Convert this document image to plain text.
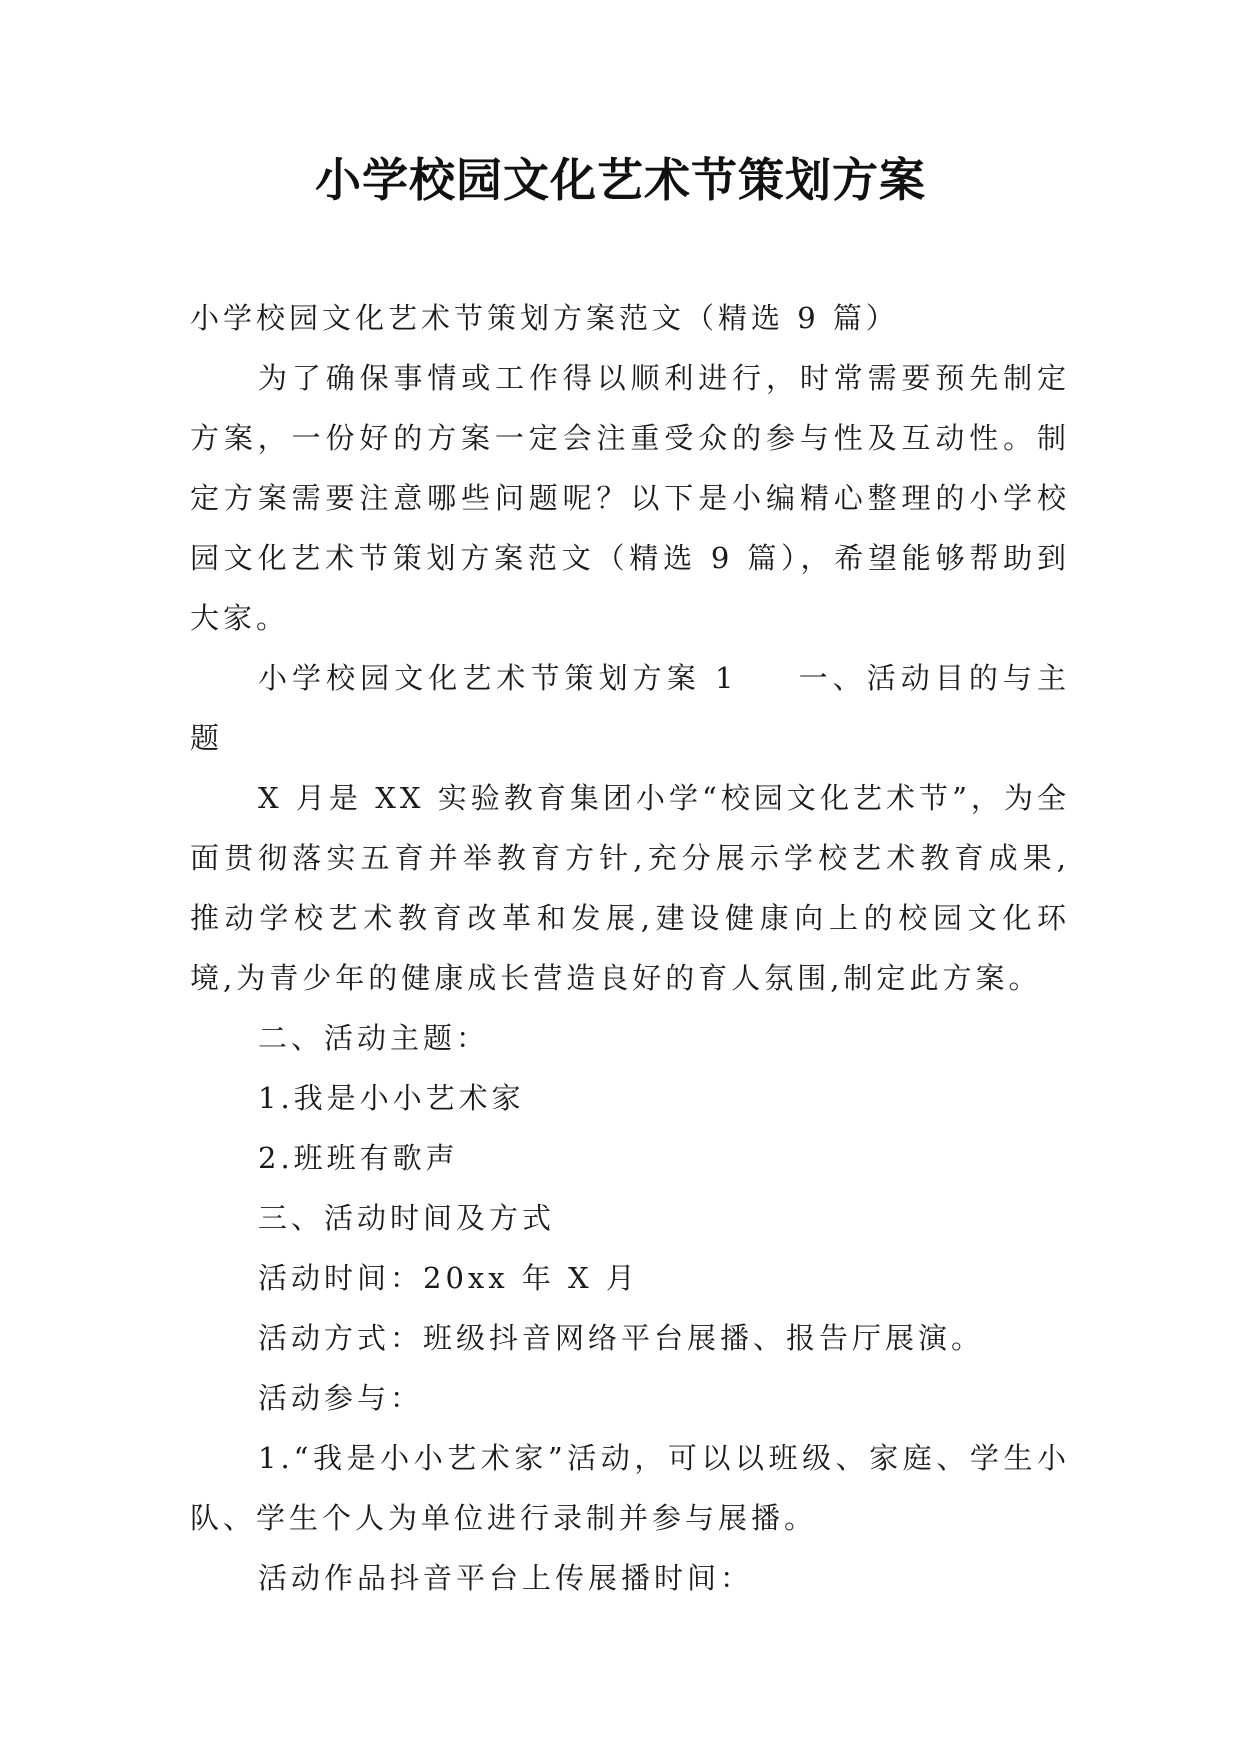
小学校园文化艺术节策划方案

小学校园文化艺术节策划方案范文（精选 9 篇）

为了确保事情或工作得以顺利进行，时常需要预先制定方案，一份好的方案一定会注重受众的参与性及互动性。制定方案需要注意哪些问题呢？以下是小编精心整理的小学校园文化艺术节策划方案范文（精选 9 篇），希望能够帮助到大家。

小学校园文化艺术节策划方案 1 一、活动目的与主题

X 月是 XX 实验教育集团小学“校园文化艺术节”，为全面贯彻落实五育并举教育方针,充分展示学校艺术教育成果,推动学校艺术教育改革和发展,建设健康向上的校园文化环境,为青少年的健康成长营造良好的育人氛围,制定此方案。

二、活动主题：

1.我是小小艺术家

2.班班有歌声

三、活动时间及方式

活动时间：20xx 年 X 月

活动方式：班级抖音网络平台展播、报告厅展演。

活动参与：

1.“我是小小艺术家”活动，可以以班级、家庭、学生小队、学生个人为单位进行录制并参与展播。

活动作品抖音平台上传展播时间：
